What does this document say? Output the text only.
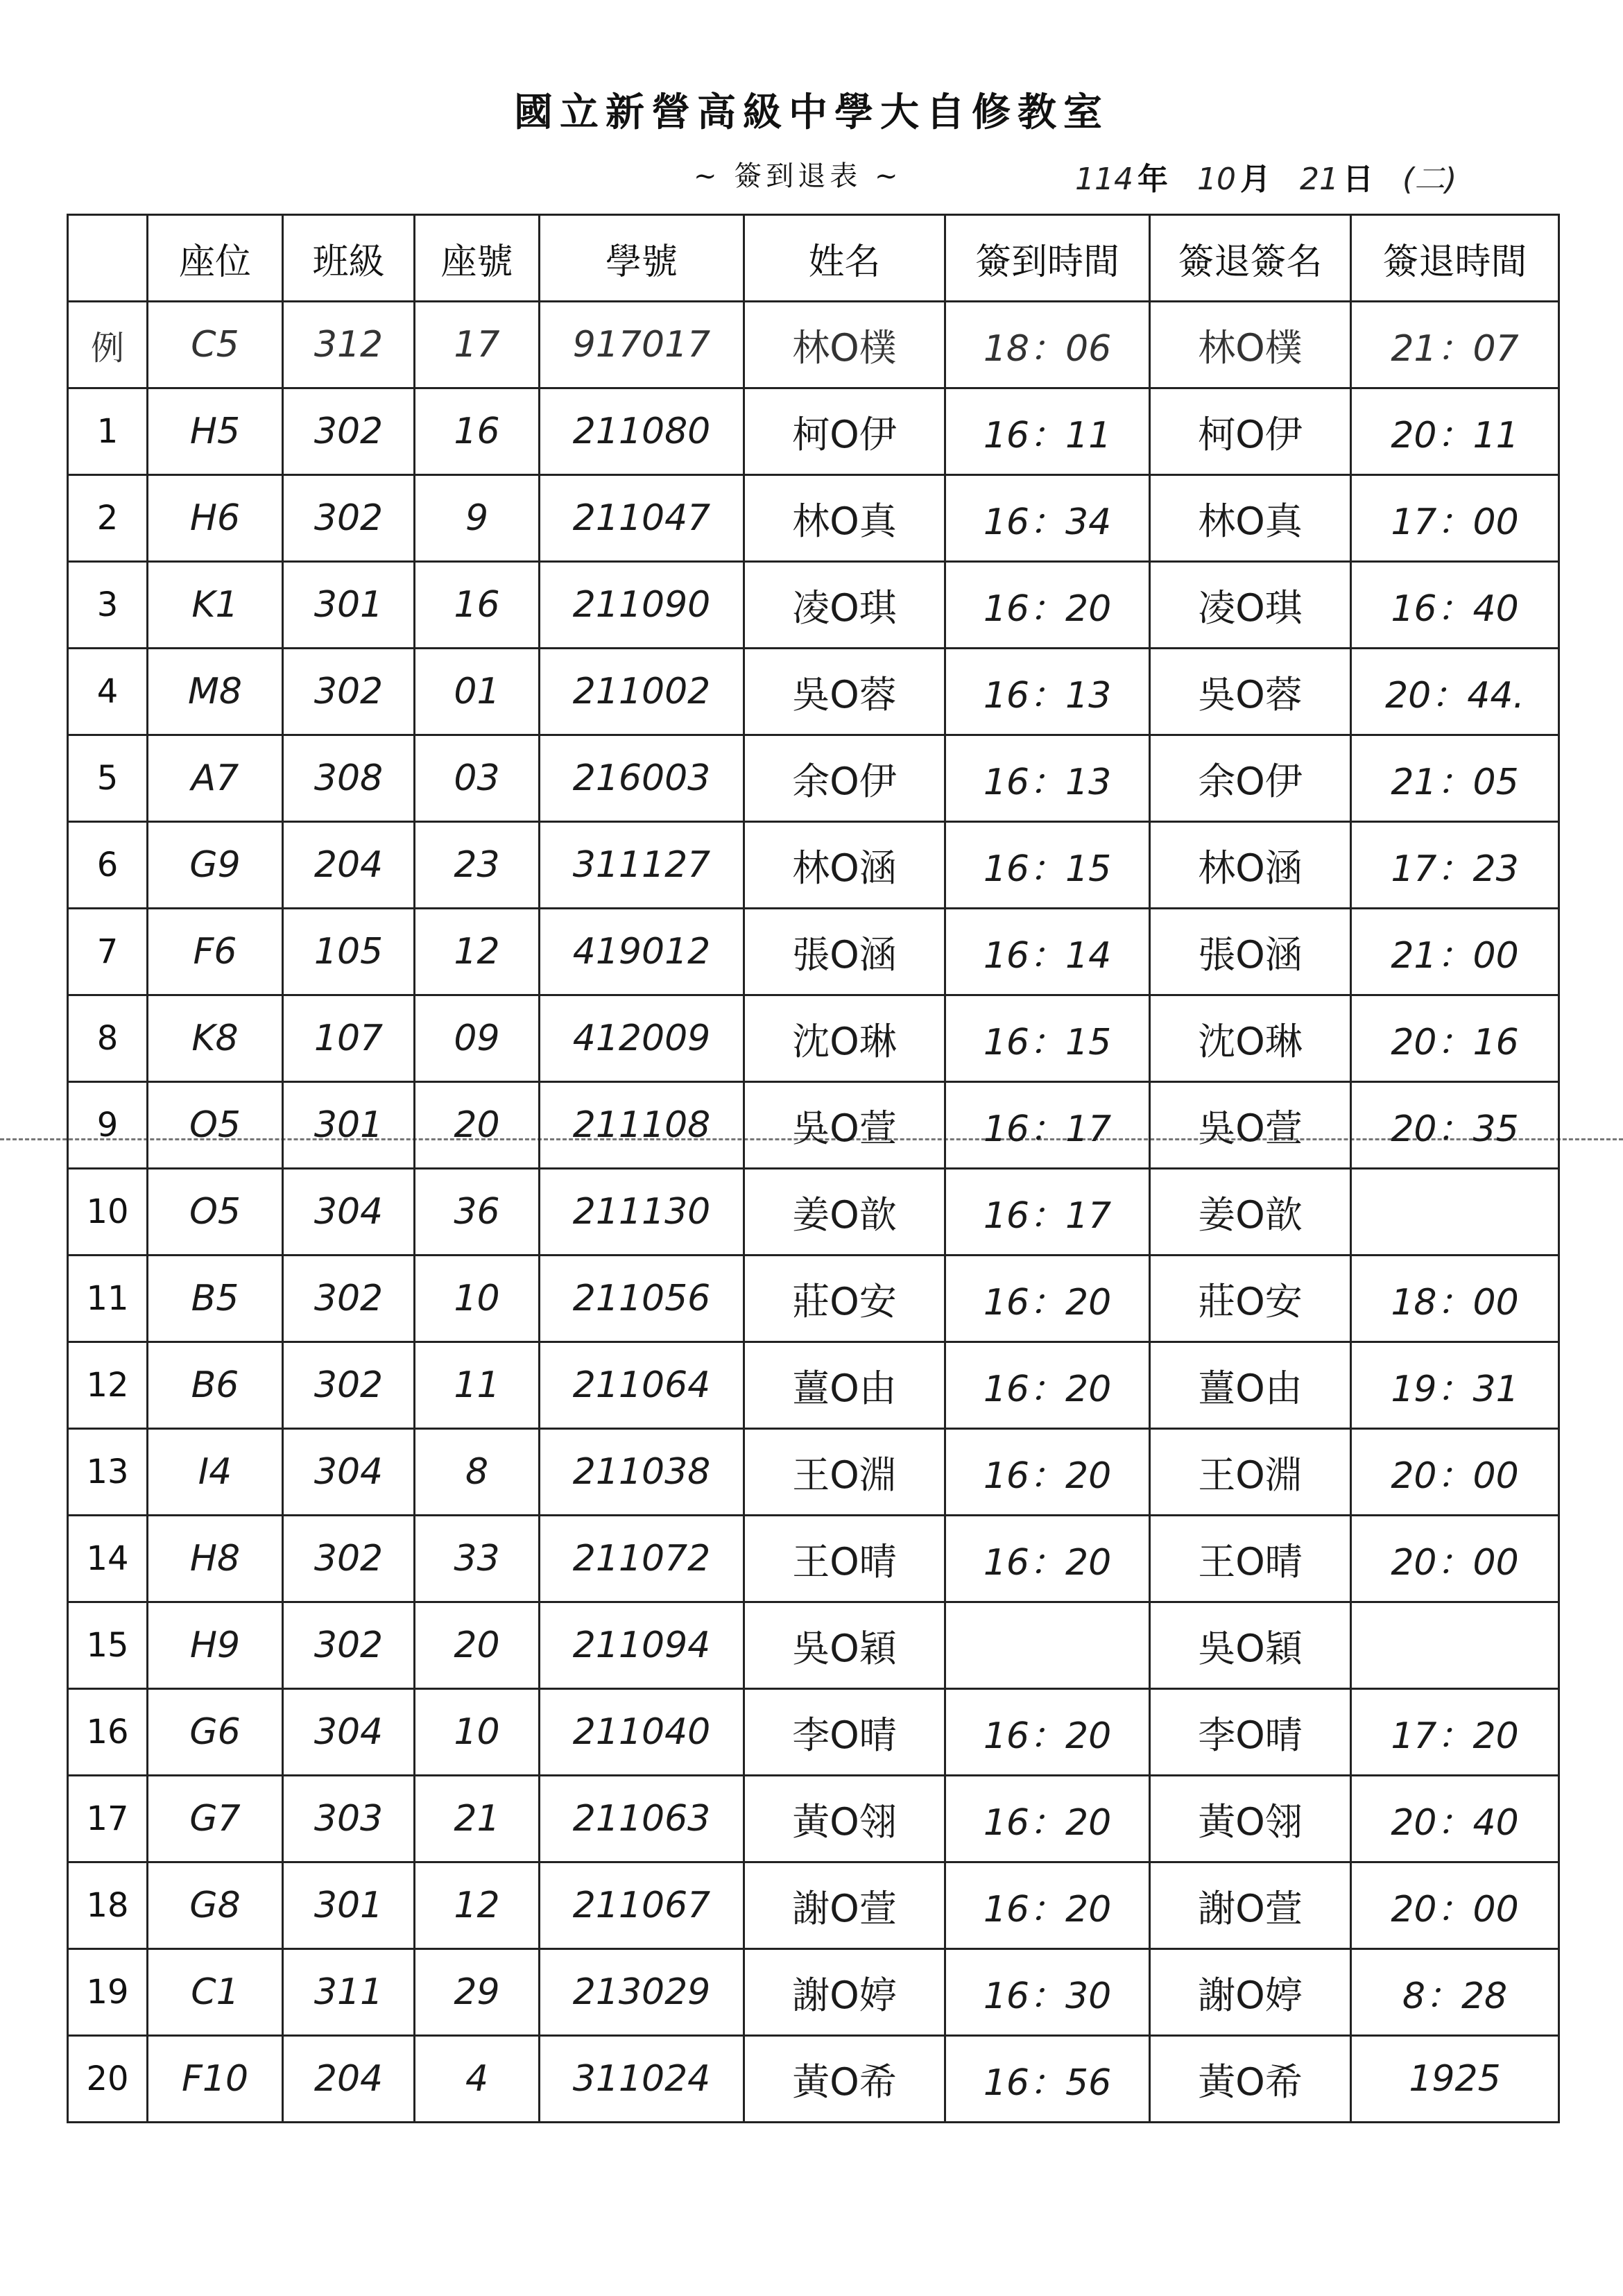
國立新營高級中學大自修教室
~ 簽到退表 ~	114 年 10 月 21 日 (二)
	座位	班級	座號	學號	姓名	簽到時間	簽退簽名	簽退時間
例	C5	312	17	917017	林O樸	18：06	林O樸	21：07
1	H5	302	16	211080	柯O伊	16：11	柯O伊	20：11
2	H6	302	9	211047	林O真	16：34	林O真	17：00
3	K1	301	16	211090	凌O琪	16：20	凌O琪	16：40
4	M8	302	01	211002	吳O蓉	16：13	吳O蓉	20：44.
5	A7	308	03	216003	余O伊	16：13	余O伊	21：05
6	G9	204	23	311127	林O涵	16：15	林O涵	17：23
7	F6	105	12	419012	張O涵	16：14	張O涵	21：00
8	K8	107	09	412009	沈O琳	16：15	沈O琳	20：16
9	O5	301	20	211108	吳O萱	16：17	吳O萱	20：35
10	O5	304	36	211130	姜O歆	16：17	姜O歆	
11	B5	302	10	211056	莊O安	16：20	莊O安	18：00
12	B6	302	11	211064	薑O由	16：20	薑O由	19：31
13	I4	304	8	211038	王O淵	16：20	王O淵	20：00
14	H8	302	33	211072	王O晴	16：20	王O晴	20：00
15	H9	302	20	211094	吳O穎		吳O穎	
16	G6	304	10	211040	李O晴	16：20	李O晴	17：20
17	G7	303	21	211063	黃O翎	16：20	黃O翎	20：40
18	G8	301	12	211067	謝O萱	16：20	謝O萱	20：00
19	C1	311	29	213029	謝O婷	16：30	謝O婷	8：28
20	F10	204	4	311024	黃O希	16：56	黃O希	1925
